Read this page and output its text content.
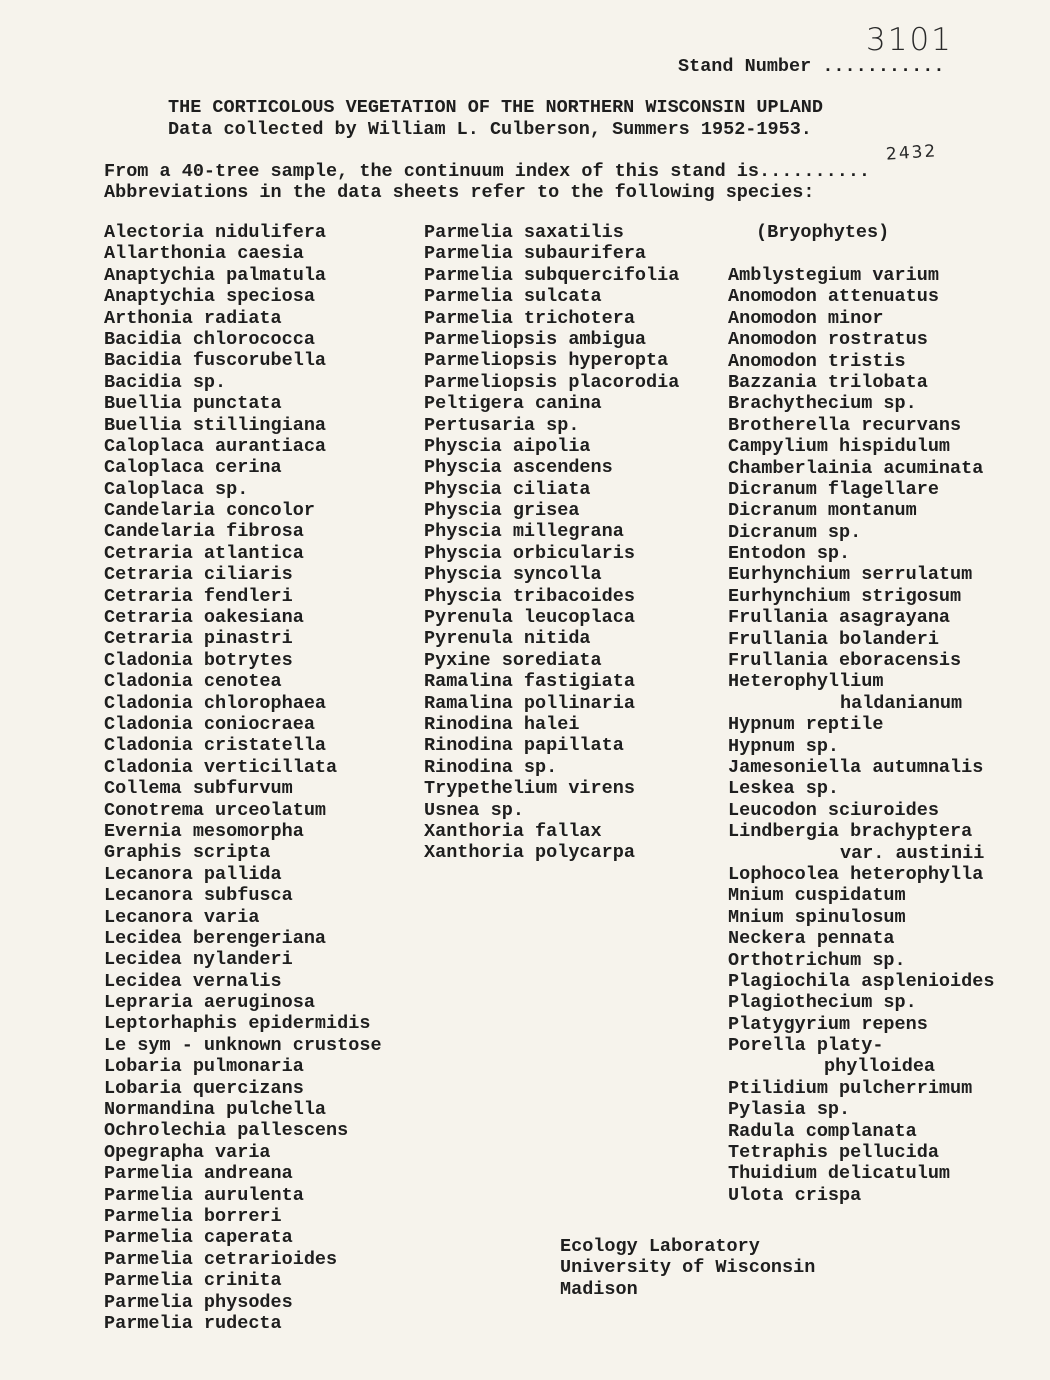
3101
Stand Number ...........
THE CORTICOLOUS VEGETATION OF THE NORTHERN WISCONSIN UPLAND
Data collected by William L. Culberson, Summers 1952-1953.
2432
From a 40-tree sample, the continuum index of this stand is..........
Abbreviations in the data sheets refer to the following species:
Alectoria nidulifera
Allarthonia caesia
Anaptychia palmatula
Anaptychia speciosa
Arthonia radiata
Bacidia chlorococca
Bacidia fuscorubella
Bacidia sp.
Buellia punctata
Buellia stillingiana
Caloplaca aurantiaca
Caloplaca cerina
Caloplaca sp.
Candelaria concolor
Candelaria fibrosa
Cetraria atlantica
Cetraria ciliaris
Cetraria fendleri
Cetraria oakesiana
Cetraria pinastri
Cladonia botrytes
Cladonia cenotea
Cladonia chlorophaea
Cladonia coniocraea
Cladonia cristatella
Cladonia verticillata
Collema subfurvum
Conotrema urceolatum
Evernia mesomorpha
Graphis scripta
Lecanora pallida
Lecanora subfusca
Lecanora varia
Lecidea berengeriana
Lecidea nylanderi
Lecidea vernalis
Lepraria aeruginosa
Leptorhaphis epidermidis
Le sym - unknown crustose
Lobaria pulmonaria
Lobaria quercizans
Normandina pulchella
Ochrolechia pallescens
Opegrapha varia
Parmelia andreana
Parmelia aurulenta
Parmelia borreri
Parmelia caperata
Parmelia cetrarioides
Parmelia crinita
Parmelia physodes
Parmelia rudecta
Parmelia saxatilis
Parmelia subaurifera
Parmelia subquercifolia
Parmelia sulcata
Parmelia trichotera
Parmeliopsis ambigua
Parmeliopsis hyperopta
Parmeliopsis placorodia
Peltigera canina
Pertusaria sp.
Physcia aipolia
Physcia ascendens
Physcia ciliata
Physcia grisea
Physcia millegrana
Physcia orbicularis
Physcia syncolla
Physcia tribacoides
Pyrenula leucoplaca
Pyrenula nitida
Pyxine sorediata
Ramalina fastigiata
Ramalina pollinaria
Rinodina halei
Rinodina papillata
Rinodina sp.
Trypethelium virens
Usnea sp.
Xanthoria fallax
Xanthoria polycarpa
(Bryophytes)
Amblystegium varium
Anomodon attenuatus
Anomodon minor
Anomodon rostratus
Anomodon tristis
Bazzania trilobata
Brachythecium sp.
Brotherella recurvans
Campylium hispidulum
Chamberlainia acuminata
Dicranum flagellare
Dicranum montanum
Dicranum sp.
Entodon sp.
Eurhynchium serrulatum
Eurhynchium strigosum
Frullania asagrayana
Frullania bolanderi
Frullania eboracensis
Heterophyllium
haldanianum
Hypnum reptile
Hypnum sp.
Jamesoniella autumnalis
Leskea sp.
Leucodon sciuroides
Lindbergia brachyptera
var. austinii
Lophocolea heterophylla
Mnium cuspidatum
Mnium spinulosum
Neckera pennata
Orthotrichum sp.
Plagiochila asplenioides
Plagiothecium sp.
Platygyrium repens
Porella platy-
phylloidea
Ptilidium pulcherrimum
Pylasia sp.
Radula complanata
Tetraphis pellucida
Thuidium delicatulum
Ulota crispa
Ecology Laboratory
University of Wisconsin
Madison
